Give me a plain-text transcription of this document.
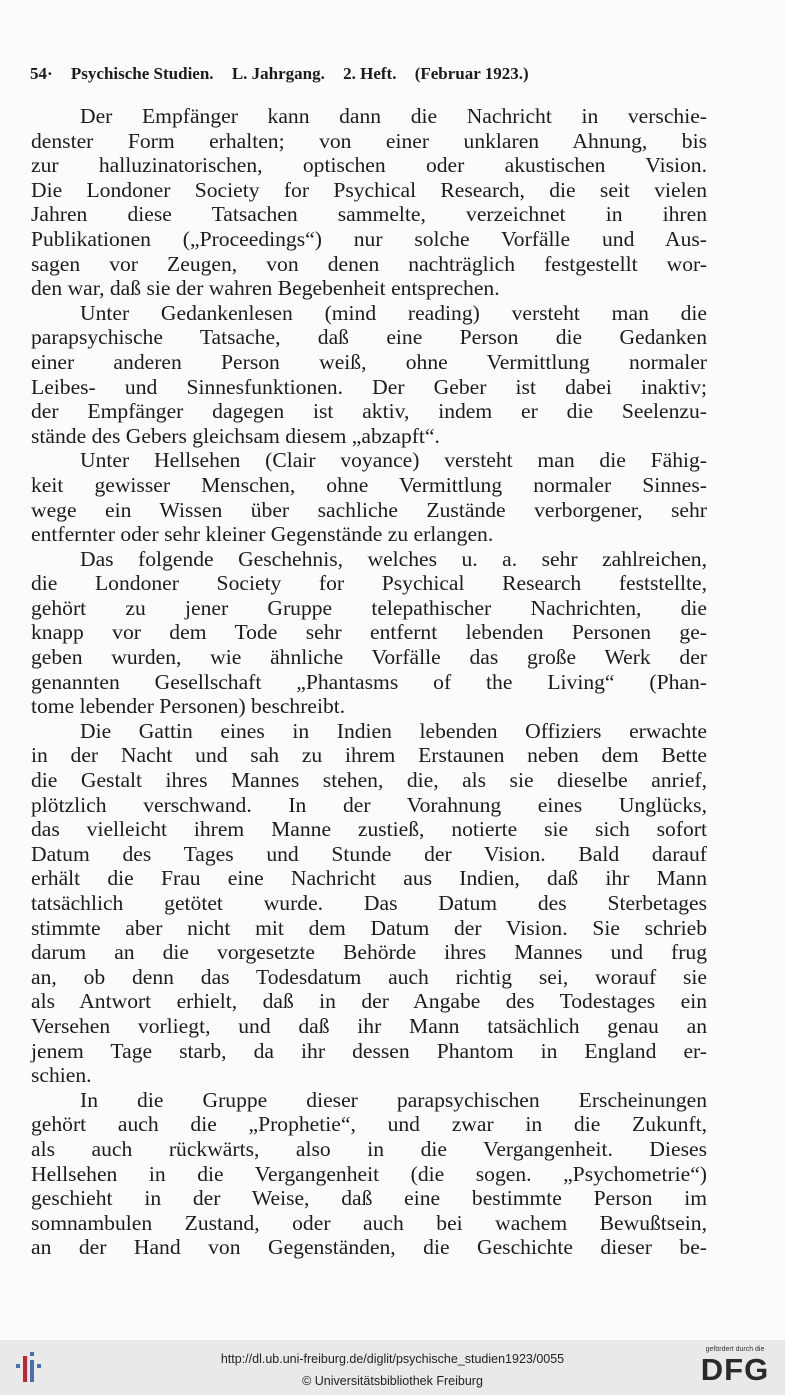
54· Psychische Studien. L. Jahrgang. 2. Heft. (Februar 1923.)
Der Empfänger kann dann die Nachricht in verschie-
denster Form erhalten; von einer unklaren Ahnung, bis
zur halluzinatorischen, optischen oder akustischen Vision.
Die Londoner Society for Psychical Research, die seit vielen
Jahren diese Tatsachen sammelte, verzeichnet in ihren
Publikationen („Proceedings“) nur solche Vorfälle und Aus-
sagen vor Zeugen, von denen nachträglich festgestellt wor-
den war, daß sie der wahren Begebenheit entsprechen.
Unter Gedankenlesen (mind reading) versteht man die
parapsychische Tatsache, daß eine Person die Gedanken
einer anderen Person weiß, ohne Vermittlung normaler
Leibes- und Sinnesfunktionen. Der Geber ist dabei inaktiv;
der Empfänger dagegen ist aktiv, indem er die Seelenzu-
stände des Gebers gleichsam diesem „abzapft“.
Unter Hellsehen (Clair voyance) versteht man die Fähig-
keit gewisser Menschen, ohne Vermittlung normaler Sinnes-
wege ein Wissen über sachliche Zustände verborgener, sehr
entfernter oder sehr kleiner Gegenstände zu erlangen.
Das folgende Geschehnis, welches u. a. sehr zahlreichen,
die Londoner Society for Psychical Research feststellte,
gehört zu jener Gruppe telepathischer Nachrichten, die
knapp vor dem Tode sehr entfernt lebenden Personen ge-
geben wurden, wie ähnliche Vorfälle das große Werk der
genannten Gesellschaft „Phantasms of the Living“ (Phan-
tome lebender Personen) beschreibt.
Die Gattin eines in Indien lebenden Offiziers erwachte
in der Nacht und sah zu ihrem Erstaunen neben dem Bette
die Gestalt ihres Mannes stehen, die, als sie dieselbe anrief,
plötzlich verschwand. In der Vorahnung eines Unglücks,
das vielleicht ihrem Manne zustieß, notierte sie sich sofort
Datum des Tages und Stunde der Vision. Bald darauf
erhält die Frau eine Nachricht aus Indien, daß ihr Mann
tatsächlich getötet wurde. Das Datum des Sterbetages
stimmte aber nicht mit dem Datum der Vision. Sie schrieb
darum an die vorgesetzte Behörde ihres Mannes und frug
an, ob denn das Todesdatum auch richtig sei, worauf sie
als Antwort erhielt, daß in der Angabe des Todestages ein
Versehen vorliegt, und daß ihr Mann tatsächlich genau an
jenem Tage starb, da ihr dessen Phantom in England er-
schien.
In die Gruppe dieser parapsychischen Erscheinungen
gehört auch die „Prophetie“, und zwar in die Zukunft,
als auch rückwärts, also in die Vergangenheit. Dieses
Hellsehen in die Vergangenheit (die sogen. „Psychometrie“)
geschieht in der Weise, daß eine bestimmte Person im
somnambulen Zustand, oder auch bei wachem Bewußtsein,
an der Hand von Gegenständen, die Geschichte dieser be-
http://dl.ub.uni-freiburg.de/diglit/psychische_studien1923/0055
© Universitätsbibliothek Freiburg
gefördert durch die
DFG
